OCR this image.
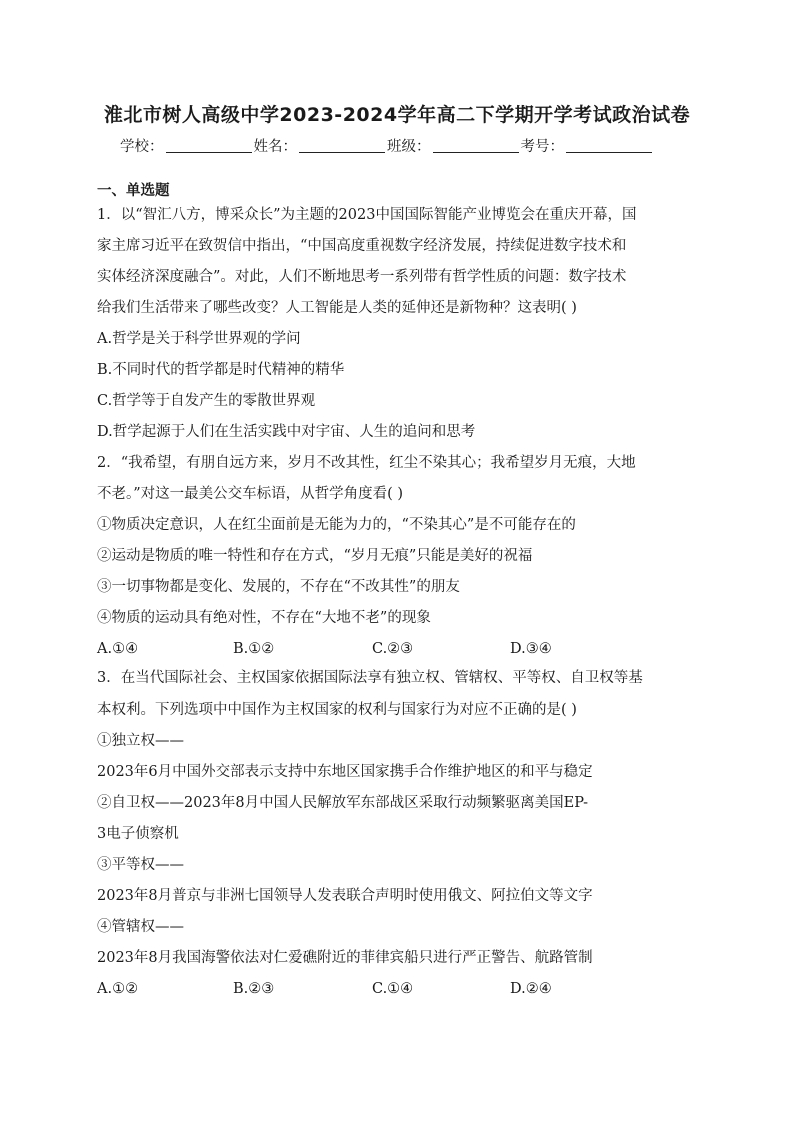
淮北市树人高级中学2023-2024学年高二下学期开学考试政治试卷
学校：	姓名：	班级：	考号：
一、单选题
1．以“智汇八方，博采众长”为主题的2023中国国际智能产业博览会在重庆开幕，国
家主席习近平在致贺信中指出，“中国高度重视数字经济发展，持续促进数字技术和
实体经济深度融合”。对此，人们不断地思考一系列带有哲学性质的问题：数字技术
给我们生活带来了哪些改变？人工智能是人类的延伸还是新物种？这表明( )
A.哲学是关于科学世界观的学问
B.不同时代的哲学都是时代精神的精华
C.哲学等于自发产生的零散世界观
D.哲学起源于人们在生活实践中对宇宙、人生的追问和思考
2．“我希望，有朋自远方来，岁月不改其性，红尘不染其心；我希望岁月无痕，大地
不老。”对这一最美公交车标语，从哲学角度看( )
①物质决定意识，人在红尘面前是无能为力的，“不染其心”是不可能存在的
②运动是物质的唯一特性和存在方式，“岁月无痕”只能是美好的祝福
③一切事物都是变化、发展的，不存在“不改其性”的朋友
④物质的运动具有绝对性，不存在“大地不老”的现象
A.①④	B.①②	C.②③	D.③④
3．在当代国际社会、主权国家依据国际法享有独立权、管辖权、平等权、自卫权等基
本权利。下列选项中中国作为主权国家的权利与国家行为对应不正确的是( )
①独立权——
2023年6月中国外交部表示支持中东地区国家携手合作维护地区的和平与稳定
②自卫权——2023年8月中国人民解放军东部战区采取行动频繁驱离美国EP-
3电子侦察机
③平等权——
2023年8月普京与非洲七国领导人发表联合声明时使用俄文、阿拉伯文等文字
④管辖权——
2023年8月我国海警依法对仁爱礁附近的菲律宾船只进行严正警告、航路管制
A.①②	B.②③	C.①④	D.②④
